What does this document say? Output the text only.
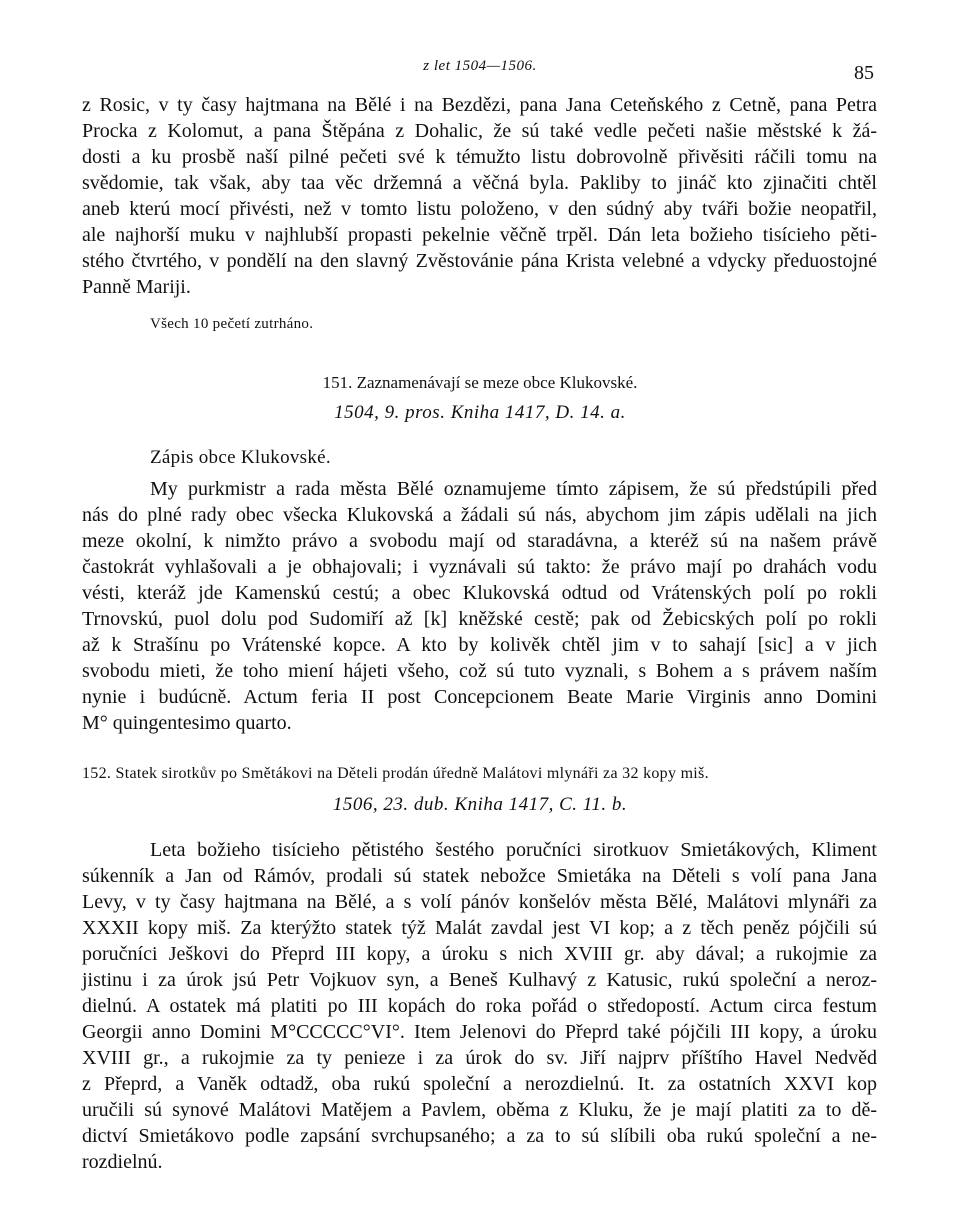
z let 1504—1506.	85
z Rosic, v ty časy hajtmana na Bělé i na Bezdězi, pana Jana Ceteňského z Cetně, pana Petra
Procka z Kolomut, a pana Štěpána z Dohalic, že sú také vedle pečeti našie městské k žá-
dosti a ku prosbě naší pilné pečeti své k témužto listu dobrovolně přivěsiti ráčili tomu na
svědomie, tak však, aby taa věc držemná a věčná byla. Pakliby to jináč kto zjinačiti chtěl
aneb kterú mocí přivésti, než v tomto listu položeno, v den súdný aby tváři božie neopatřil,
ale najhorší muku v najhlubší propasti pekelnie věčně trpěl. Dán leta božieho tisícieho pěti-
stého čtvrtého, v pondělí na den slavný Zvěstovánie pána Krista velebné a vdycky předuostojné
Panně Mariji.
Všech 10 pečetí zutrháno.
151. Zaznamenávají se meze obce Klukovské.
1504, 9. pros. Kniha 1417, D. 14. a.
Zápis obce Klukovské.
My purkmistr a rada města Bělé oznamujeme tímto zápisem, že sú předstúpili před
nás do plné rady obec všecka Klukovská a žádali sú nás, abychom jim zápis udělali na jich
meze okolní, k nimžto právo a svobodu mají od staradávna, a kteréž sú na našem právě
častokrát vyhlašovali a je obhajovali; i vyznávali sú takto: že právo mají po drahách vodu
vésti, kteráž jde Kamenskú cestú; a obec Klukovská odtud od Vrátenských polí po rokli
Trnovskú, puol dolu pod Sudomiří až [k] kněžské cestě; pak od Žebicských polí po rokli
až k Strašínu po Vrátenské kopce. A kto by kolivěk chtěl jim v to sahají [sic] a v jich
svobodu mieti, že toho miení hájeti všeho, což sú tuto vyznali, s Bohem a s právem naším
nynie i budúcně. Actum feria II post Concepcionem Beate Marie Virginis anno Domini
M° quingentesimo quarto.
152. Statek sirotkův po Smětákovi na Děteli prodán úředně Malátovi mlynáři za 32 kopy miš.
1506, 23. dub. Kniha 1417, C. 11. b.
Leta božieho tisícieho pětistého šestého poručníci sirotkuov Smietákových, Kliment
súkenník a Jan od Rámóv, prodali sú statek nebožce Smietáka na Děteli s volí pana Jana
Levy, v ty časy hajtmana na Bělé, a s volí pánóv konšelóv města Bělé, Malátovi mlynáři za
XXXII kopy miš. Za kterýžto statek týž Malát zavdal jest VI kop; a z těch peněz pójčili sú
poručníci Ješkovi do Přeprd III kopy, a úroku s nich XVIII gr. aby dával; a rukojmie za
jistinu i za úrok jsú Petr Vojkuov syn, a Beneš Kulhavý z Katusic, rukú společní a neroz-
dielnú. A ostatek má platiti po III kopách do roka pořád o středopostí. Actum circa festum
Georgii anno Domini M°CCCCC°VI°. Item Jelenovi do Přeprd také pójčili III kopy, a úroku
XVIII gr., a rukojmie za ty penieze i za úrok do sv. Jiří najprv příštího Havel Nedvěd
z Přeprd, a Vaněk odtadž, oba rukú společní a nerozdielnú. It. za ostatních XXVI kop
uručili sú synové Malátovi Matějem a Pavlem, oběma z Kluku, že je mají platiti za to dě-
dictví Smietákovo podle zapsání svrchupsaného; a za to sú slíbili oba rukú společní a ne-
rozdielnú.
